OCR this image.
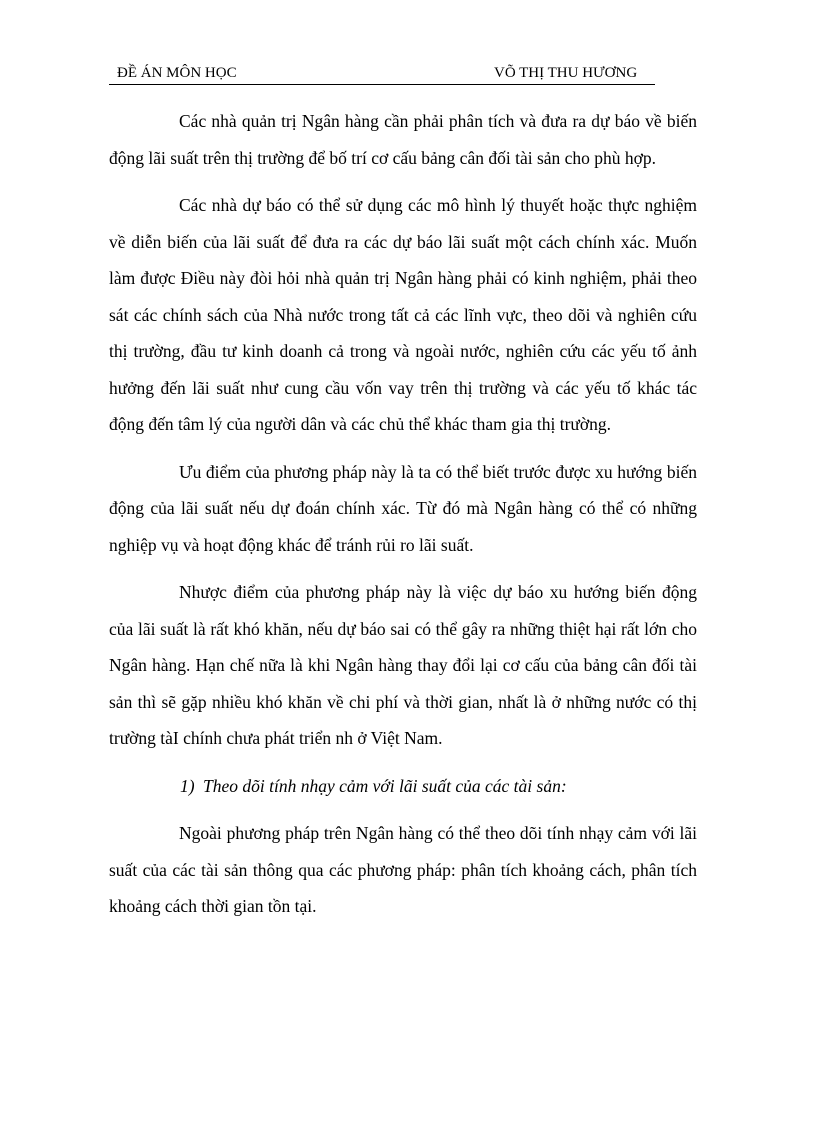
ĐỀ ÁN MÔN HỌC	VÕ THỊ THU HƯƠNG

Các nhà quản trị Ngân hàng cần phải phân tích và đưa ra dự báo về biến động lãi suất trên thị trường để bố trí cơ cấu bảng cân đối tài sản cho phù hợp.

Các nhà dự báo có thể sử dụng các mô hình lý thuyết hoặc thực nghiệm về diễn biến của lãi suất để đưa ra các dự báo lãi suất một cách chính xác. Muốn làm được Điều này đòi hỏi nhà quản trị Ngân hàng phải có kinh nghiệm, phải theo sát các chính sách của Nhà nước trong tất cả các lĩnh vực, theo dõi và nghiên cứu thị trường, đầu tư kinh doanh cả trong và ngoài nước, nghiên cứu các yếu tố ảnh hưởng đến lãi suất như cung cầu vốn vay trên thị trường và các yếu tố khác tác động đến tâm lý của người dân và các chủ thể khác tham gia thị trường.

Ưu điểm của phương pháp này là ta có thể biết trước được xu hướng biến động của lãi suất nếu dự đoán chính xác. Từ đó mà Ngân hàng có thể có những nghiệp vụ và hoạt động khác để tránh rủi ro lãi suất.

Nhược điểm của phương pháp này là việc dự báo xu hướng biến động của lãi suất là rất khó khăn, nếu dự báo sai có thể gây ra những thiệt hại rất lớn cho Ngân hàng. Hạn chế nữa là khi Ngân hàng thay đổi lại cơ cấu của bảng cân đối tài sản thì sẽ gặp nhiều khó khăn về chi phí và thời gian, nhất là ở những nước có thị trường tàI chính chưa phát triển nh ở Việt Nam.

1) Theo dõi tính nhạy cảm với lãi suất của các tài sản:

Ngoài phương pháp trên Ngân hàng có thể theo dõi tính nhạy cảm với lãi suất của các tài sản thông qua các phương pháp: phân tích khoảng cách, phân tích khoảng cách thời gian tồn tại.
